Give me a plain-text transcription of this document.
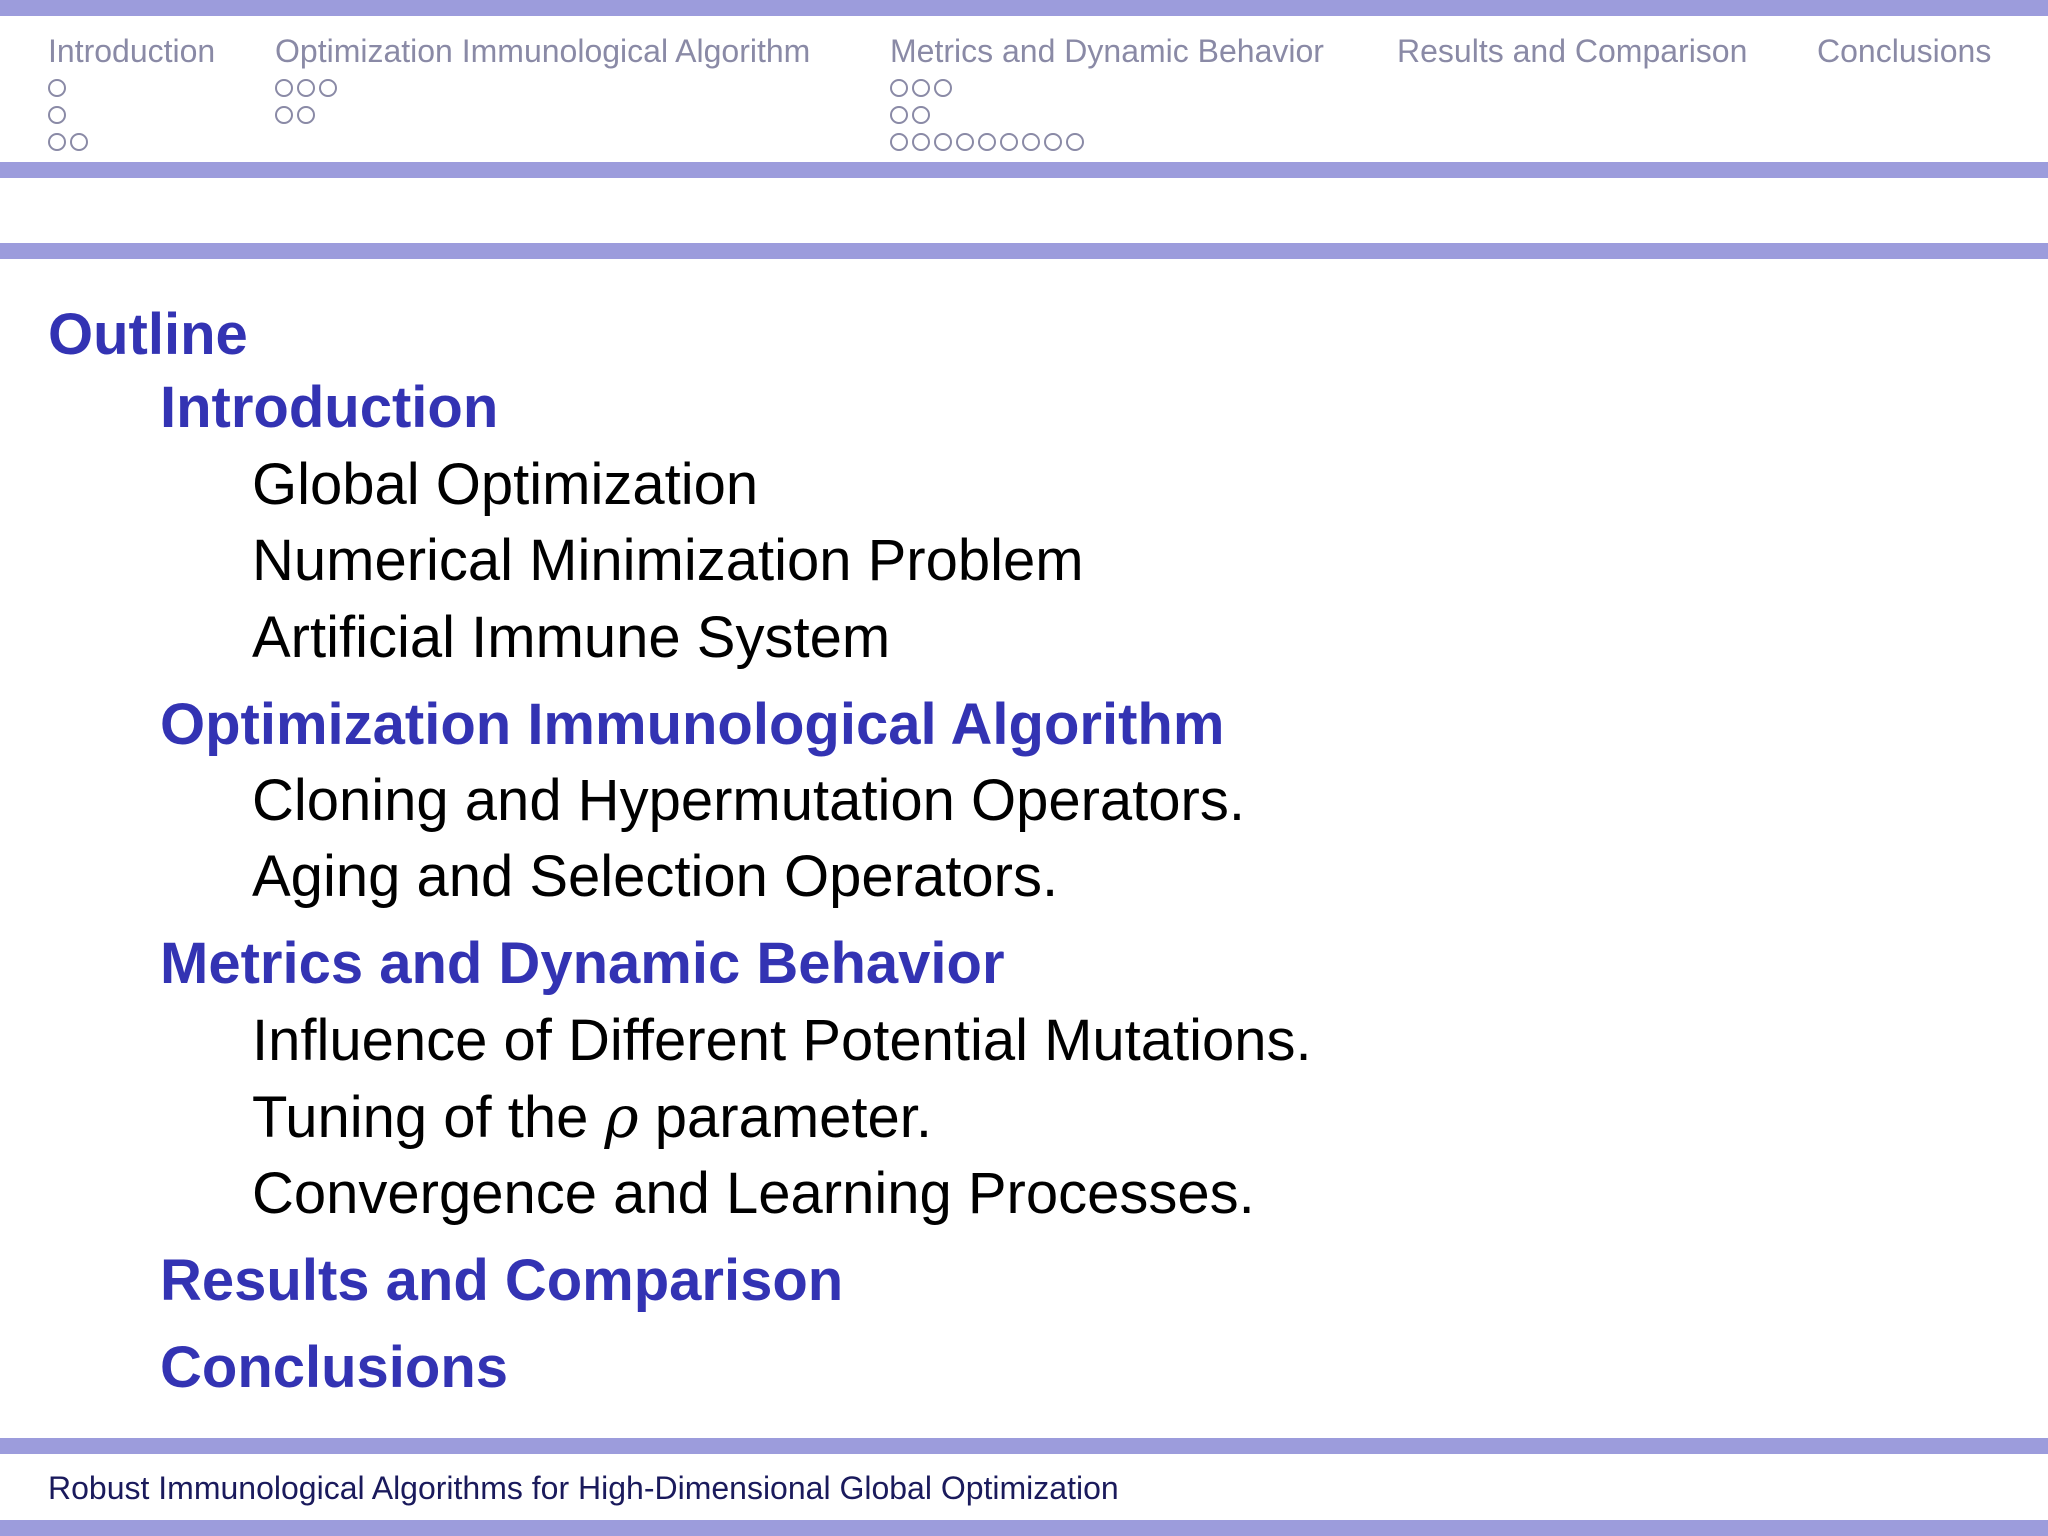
Introduction Optimization Immunological Algorithm Metrics and Dynamic Behavior Results and Comparison Conclusions
Outline
Introduction
Global Optimization
Numerical Minimization Problem
Artificial Immune System
Optimization Immunological Algorithm
Cloning and Hypermutation Operators.
Aging and Selection Operators.
Metrics and Dynamic Behavior
Influence of Different Potential Mutations.
Tuning of the ρ parameter.
Convergence and Learning Processes.
Results and Comparison
Conclusions
Robust Immunological Algorithms for High-Dimensional Global Optimization
